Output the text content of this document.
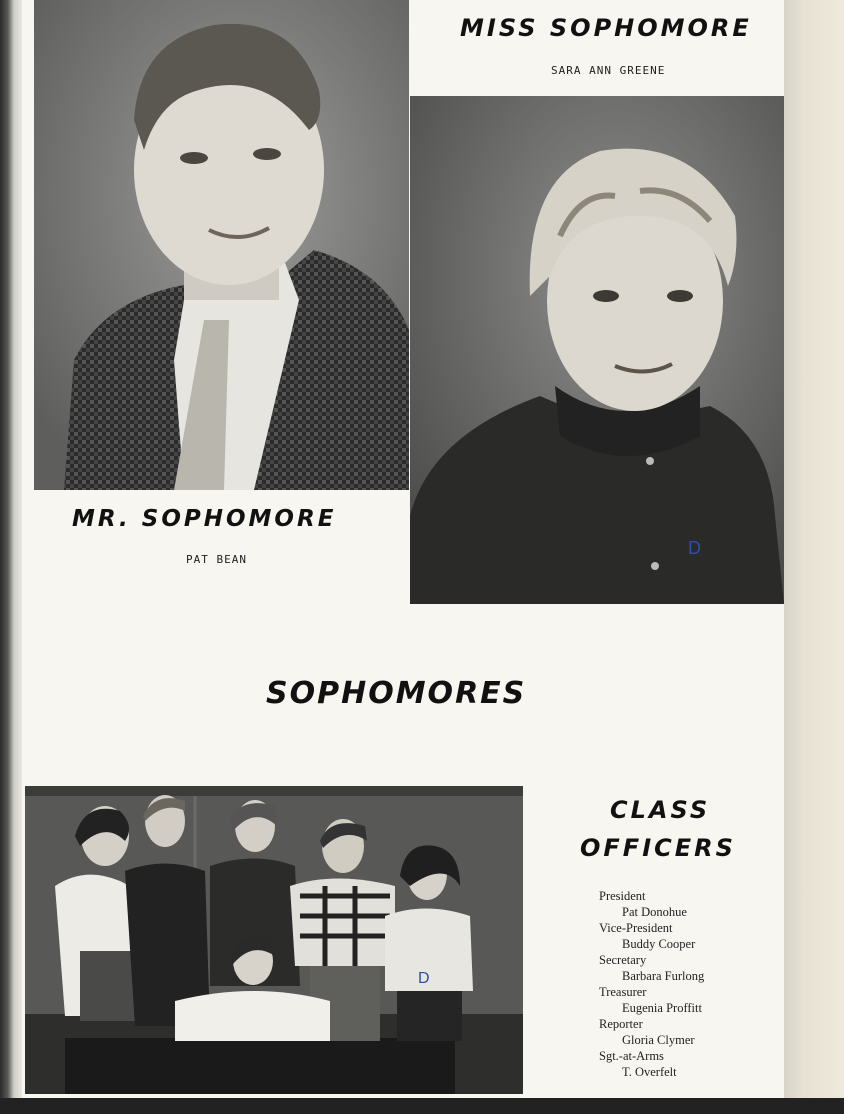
D
MISS SOPHOMORE
SARA ANN GREENE
MR. SOPHOMORE
PAT BEAN
SOPHOMORES
D
CLASS
OFFICERS
President
Pat Donohue
Vice-President
Buddy Cooper
Secretary
Barbara Furlong
Treasurer
Eugenia Proffitt
Reporter
Gloria Clymer
Sgt.-at-Arms
T. Overfelt
